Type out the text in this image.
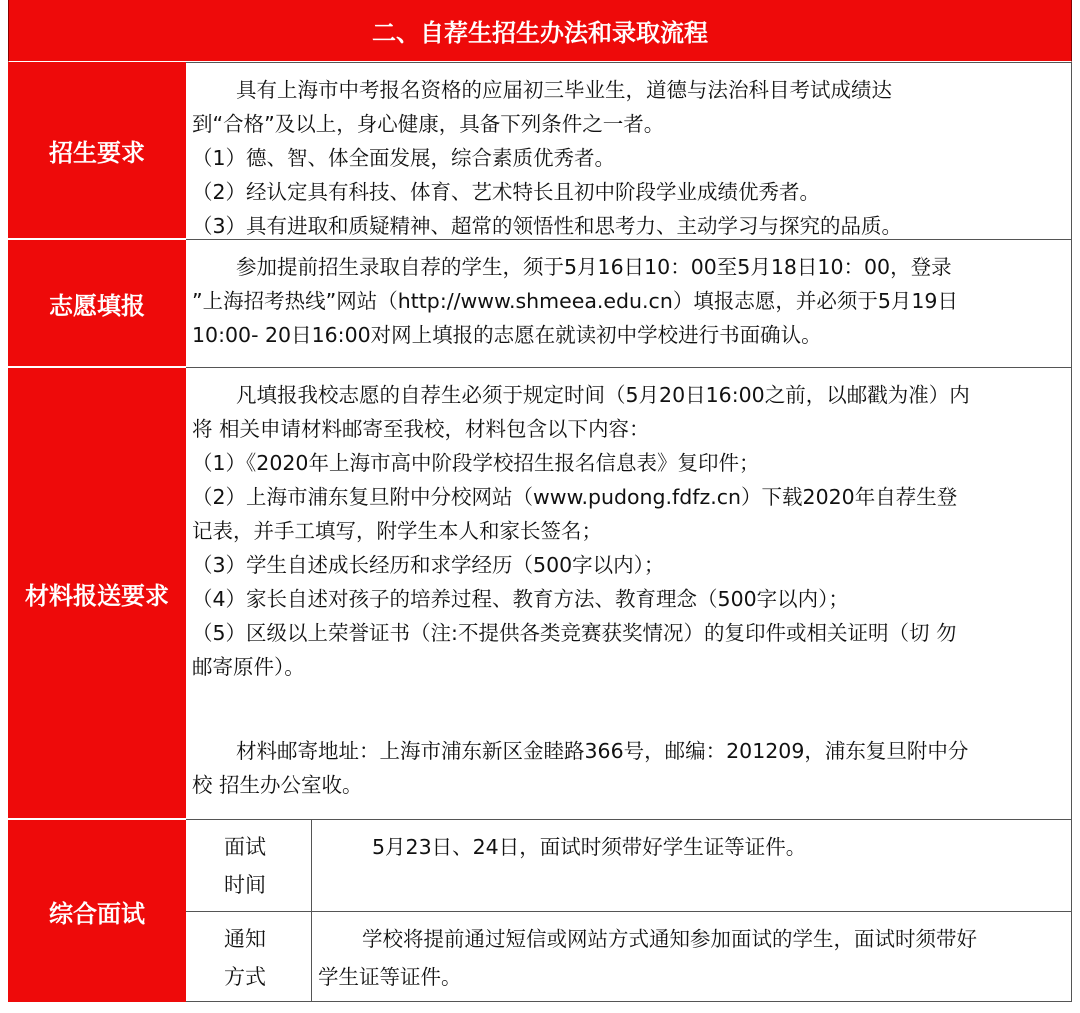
二、自荐生招生办法和录取流程
招生要求

具有上海市中考报名资格的应届初三毕业生，道德与法治科目考试成绩达

到“合格”及以上，身心健康，具备下列条件之一者。

（1）德、智、体全面发展，综合素质优秀者。

（2）经认定具有科技、体育、艺术特长且初中阶段学业成绩优秀者。

（3）具有进取和质疑精神、超常的领悟性和思考力、主动学习与探究的品质。

志愿填报

参加提前招生录取自荐的学生，须于5月16日10：00至5月18日10：00，登录

”上海招考热线”网站（http://www.shmeea.edu.cn）填报志愿，并必须于5月19日

10:00- 20日16:00对网上填报的志愿在就读初中学校进行书面确认。

材料报送要求

凡填报我校志愿的自荐生必须于规定时间（5月20日16:00之前，以邮戳为准）内

将 相关申请材料邮寄至我校，材料包含以下内容：

（1）《2020年上海市高中阶段学校招生报名信息表》复印件；

（2）上海市浦东复旦附中分校网站（www.pudong.fdfz.cn）下载2020年自荐生登

记表，并手工填写，附学生本人和家长签名；

（3）学生自述成长经历和求学经历（500字以内）；

（4）家长自述对孩子的培养过程、教育方法、教育理念（500字以内）；

（5）区级以上荣誉证书（注:不提供各类竞赛获奖情况）的复印件或相关证明（切 勿

邮寄原件）。

材料邮寄地址：上海市浦东新区金睦路366号，邮编：201209，浦东复旦附中分

校 招生办公室收。

综合面试
面试
时间

5月23日、24日，面试时须带好学生证等证件。

通知
方式

学校将提前通过短信或网站方式通知参加面试的学生，面试时须带好

学生证等证件。
